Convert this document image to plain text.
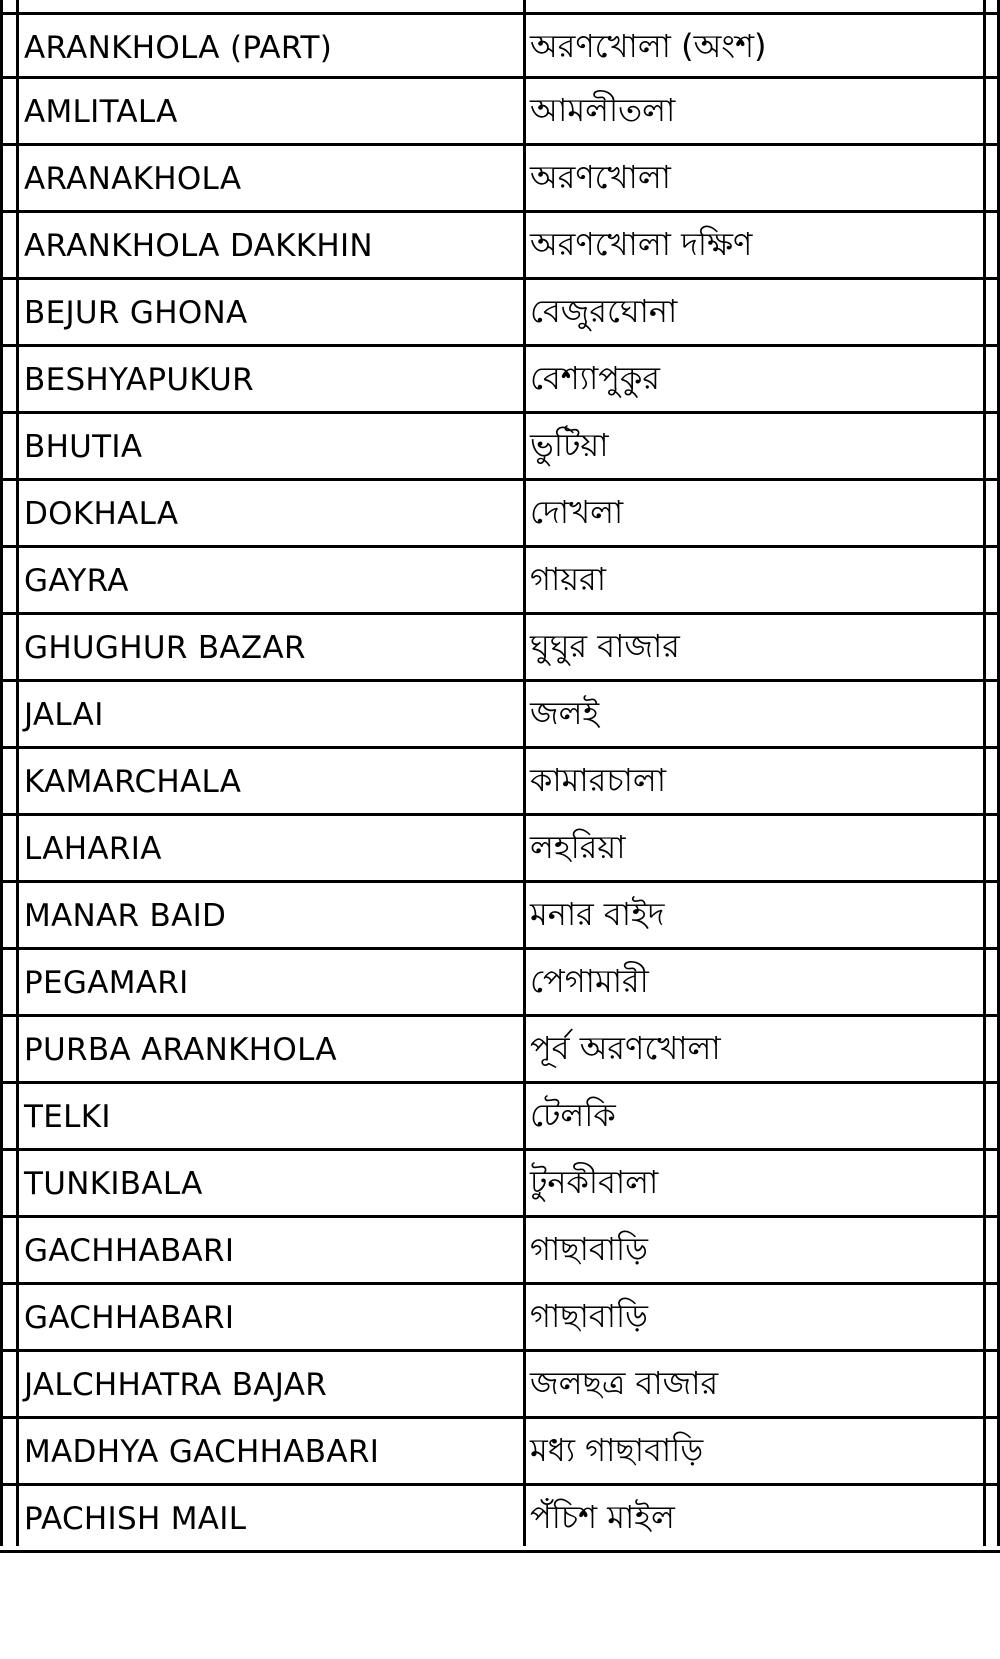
ARANKHOLA (PART)	অরণখোলা (অংশ)
AMLITALA	আমলীতলা
ARANAKHOLA	অরণখোলা
ARANKHOLA DAKKHIN	অরণখোলা দক্ষিণ
BEJUR GHONA	বেজুরঘোনা
BESHYAPUKUR	বেশ্যাপুকুর
BHUTIA	ভুটিয়া
DOKHALA	দোখলা
GAYRA	গায়রা
GHUGHUR BAZAR	ঘুঘুর বাজার
JALAI	জলই
KAMARCHALA	কামারচালা
LAHARIA	লহরিয়া
MANAR BAID	মনার বাইদ
PEGAMARI	পেগামারী
PURBA ARANKHOLA	পূর্ব অরণখোলা
TELKI	টেলকি
TUNKIBALA	টুনকীবালা
GACHHABARI	গাছাবাড়ি
GACHHABARI	গাছাবাড়ি
JALCHHATRA BAJAR	জলছত্র বাজার
MADHYA GACHHABARI	মধ্য গাছাবাড়ি
PACHISH MAIL	পঁচিশ মাইল
